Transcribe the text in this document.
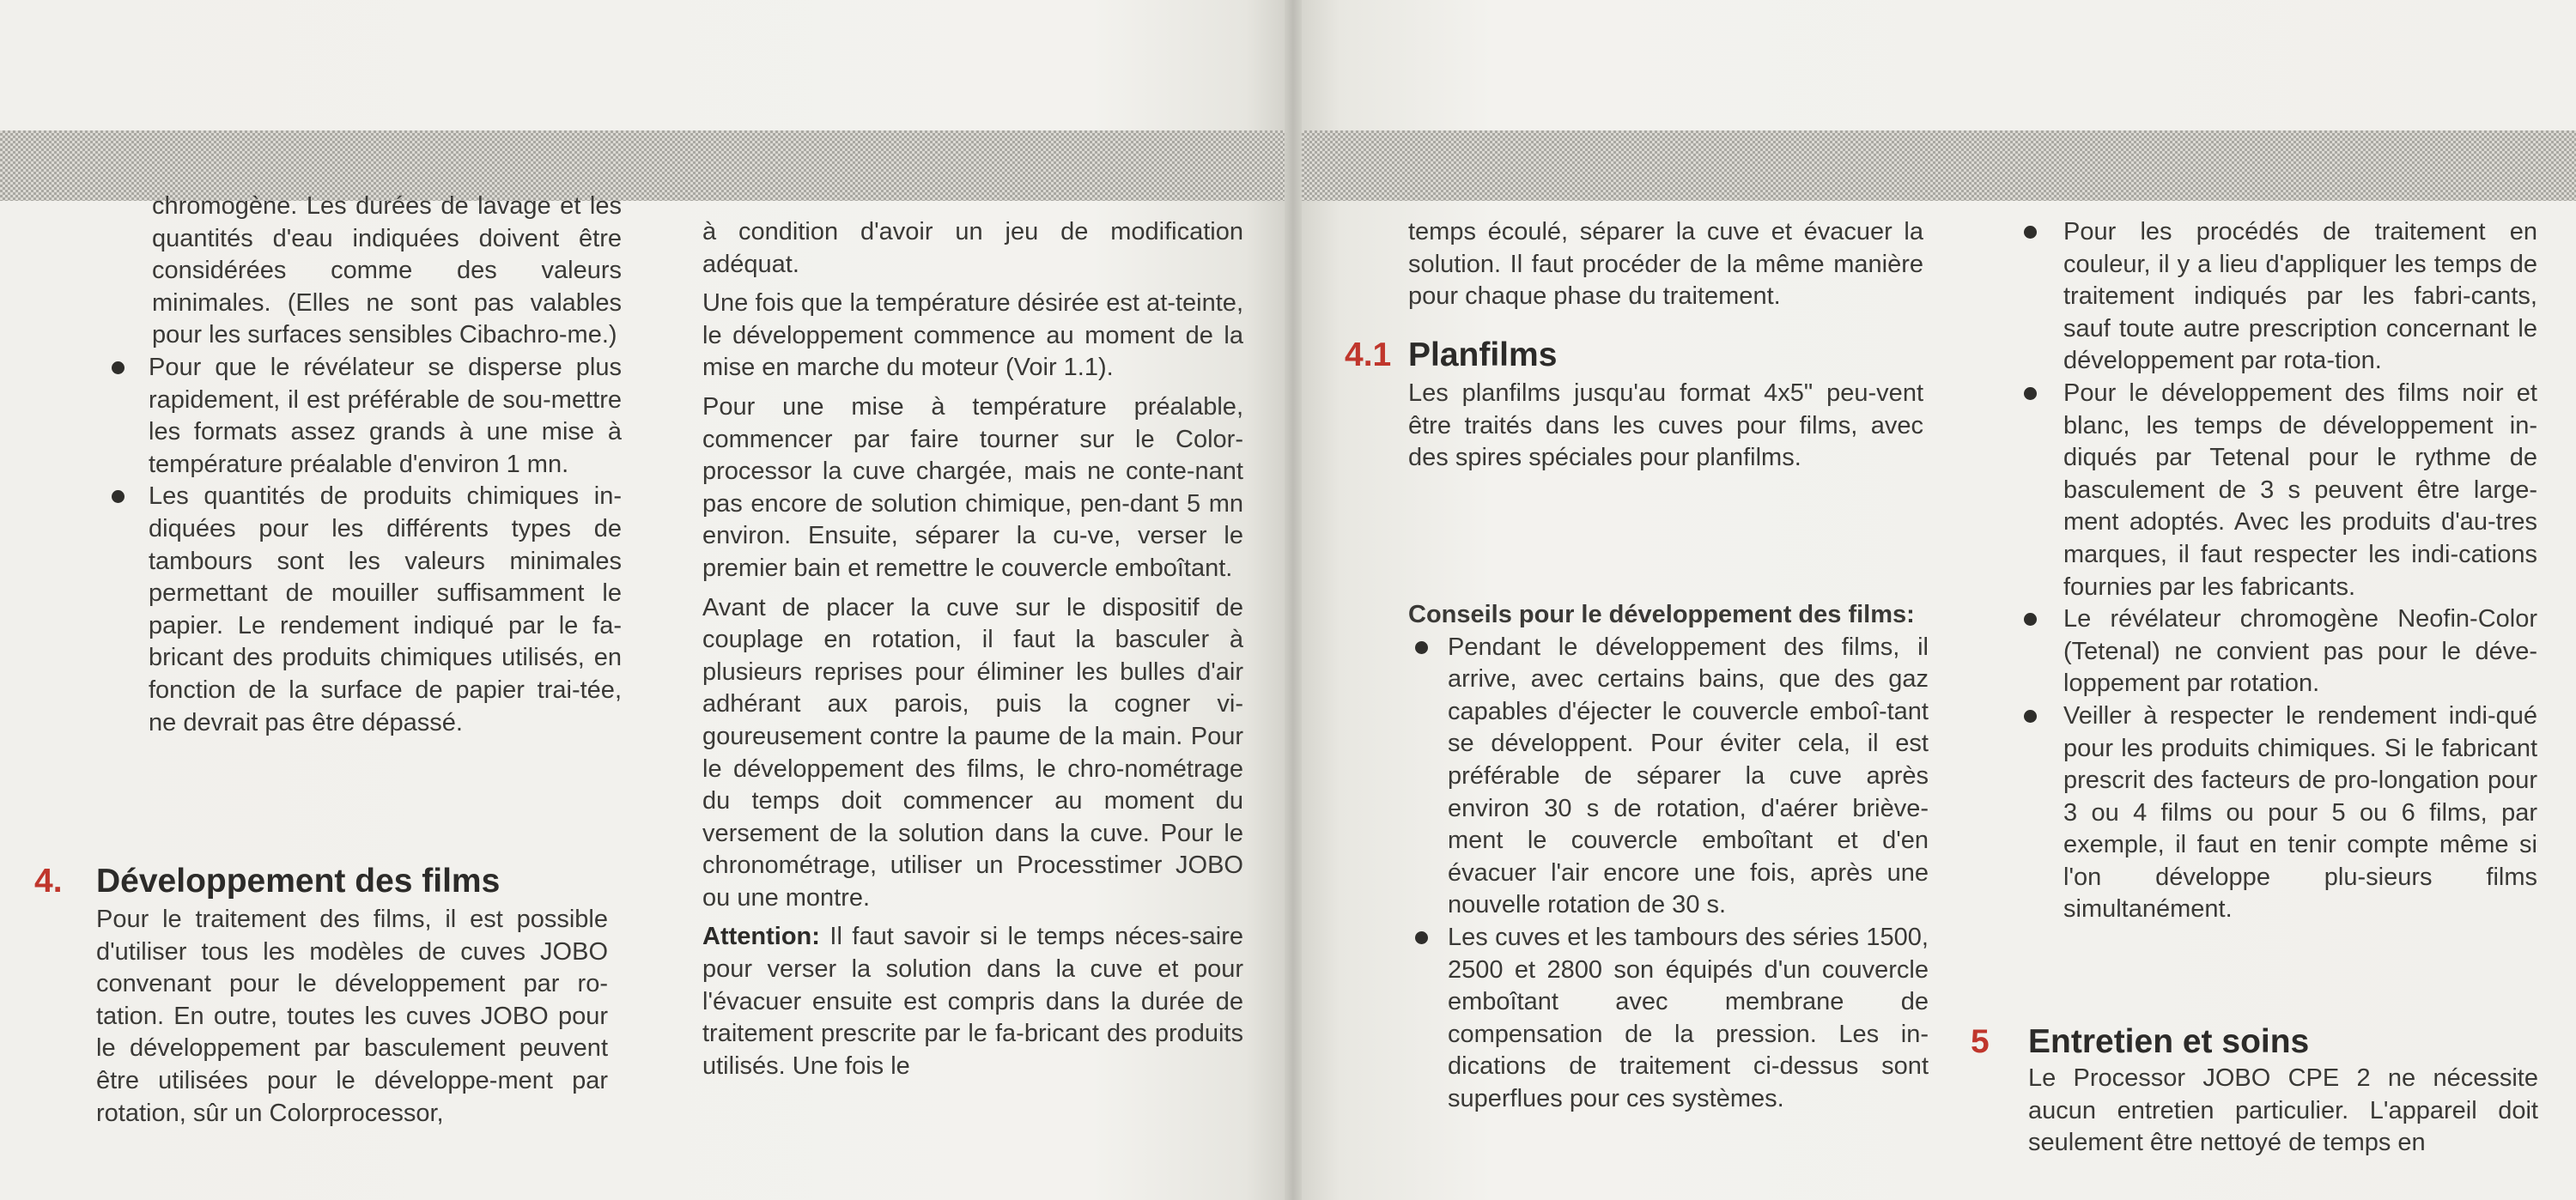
chromogène. Les durées de lavage et les quantités d'eau indiquées doivent être considérées comme des valeurs minimales. (Elles ne sont pas valables pour les surfaces sensibles Cibachro-me.)

Pour que le révélateur se disperse plus rapidement, il est préférable de sou-mettre les formats assez grands à une mise à température préalable d'environ 1 mn.

Les quantités de produits chimiques in-diquées pour les différents types de tambours sont les valeurs minimales permettant de mouiller suffisamment le papier. Le rendement indiqué par le fa-bricant des produits chimiques utilisés, en fonction de la surface de papier trai-tée, ne devrait pas être dépassé.

4. Développement des films

Pour le traitement des films, il est possible d'utiliser tous les modèles de cuves JOBO convenant pour le développement par ro-tation. En outre, toutes les cuves JOBO pour le développement par basculement peuvent être utilisées pour le développe-ment par rotation, sûr un Colorprocessor,

à condition d'avoir un jeu de modification adéquat.

Une fois que la température désirée est at-teinte, le développement commence au moment de la mise en marche du moteur (Voir 1.1).

Pour une mise à température préalable, commencer par faire tourner sur le Color-processor la cuve chargée, mais ne conte-nant pas encore de solution chimique, pen-dant 5 mn environ. Ensuite, séparer la cu-ve, verser le premier bain et remettre le couvercle emboîtant.

Avant de placer la cuve sur le dispositif de couplage en rotation, il faut la basculer à plusieurs reprises pour éliminer les bulles d'air adhérant aux parois, puis la cogner vi-goureusement contre la paume de la main. Pour le développement des films, le chro-nométrage du temps doit commencer au moment du versement de la solution dans la cuve. Pour le chronométrage, utiliser un Processtimer JOBO ou une montre.

Attention: Il faut savoir si le temps néces-saire pour verser la solution dans la cuve et pour l'évacuer ensuite est compris dans la durée de traitement prescrite par le fa-bricant des produits utilisés. Une fois le

temps écoulé, séparer la cuve et évacuer la solution. Il faut procéder de la même manière pour chaque phase du traitement.

4.1 Planfilms

Les planfilms jusqu'au format 4x5" peu-vent être traités dans les cuves pour films, avec des spires spéciales pour planfilms.

Conseils pour le développement des films:

Pendant le développement des films, il arrive, avec certains bains, que des gaz capables d'éjecter le couvercle emboî-tant se développent. Pour éviter cela, il est préférable de séparer la cuve après environ 30 s de rotation, d'aérer briève-ment le couvercle emboîtant et d'en évacuer l'air encore une fois, après une nouvelle rotation de 30 s.

Les cuves et les tambours des séries 1500, 2500 et 2800 son équipés d'un couvercle emboîtant avec membrane de compensation de la pression. Les in-dications de traitement ci-dessus sont superflues pour ces systèmes.

Pour les procédés de traitement en couleur, il y a lieu d'appliquer les temps de traitement indiqués par les fabri-cants, sauf toute autre prescription concernant le développement par rota-tion.

Pour le développement des films noir et blanc, les temps de développement in-diqués par Tetenal pour le rythme de basculement de 3 s peuvent être large-ment adoptés. Avec les produits d'au-tres marques, il faut respecter les indi-cations fournies par les fabricants.

Le révélateur chromogène Neofin-Color (Tetenal) ne convient pas pour le déve-loppement par rotation.

Veiller à respecter le rendement indi-qué pour les produits chimiques. Si le fabricant prescrit des facteurs de pro-longation pour 3 ou 4 films ou pour 5 ou 6 films, par exemple, il faut en tenir compte même si l'on développe plu-sieurs films simultanément.

5 Entretien et soins

Le Processor JOBO CPE 2 ne nécessite aucun entretien particulier. L'appareil doit seulement être nettoyé de temps en
